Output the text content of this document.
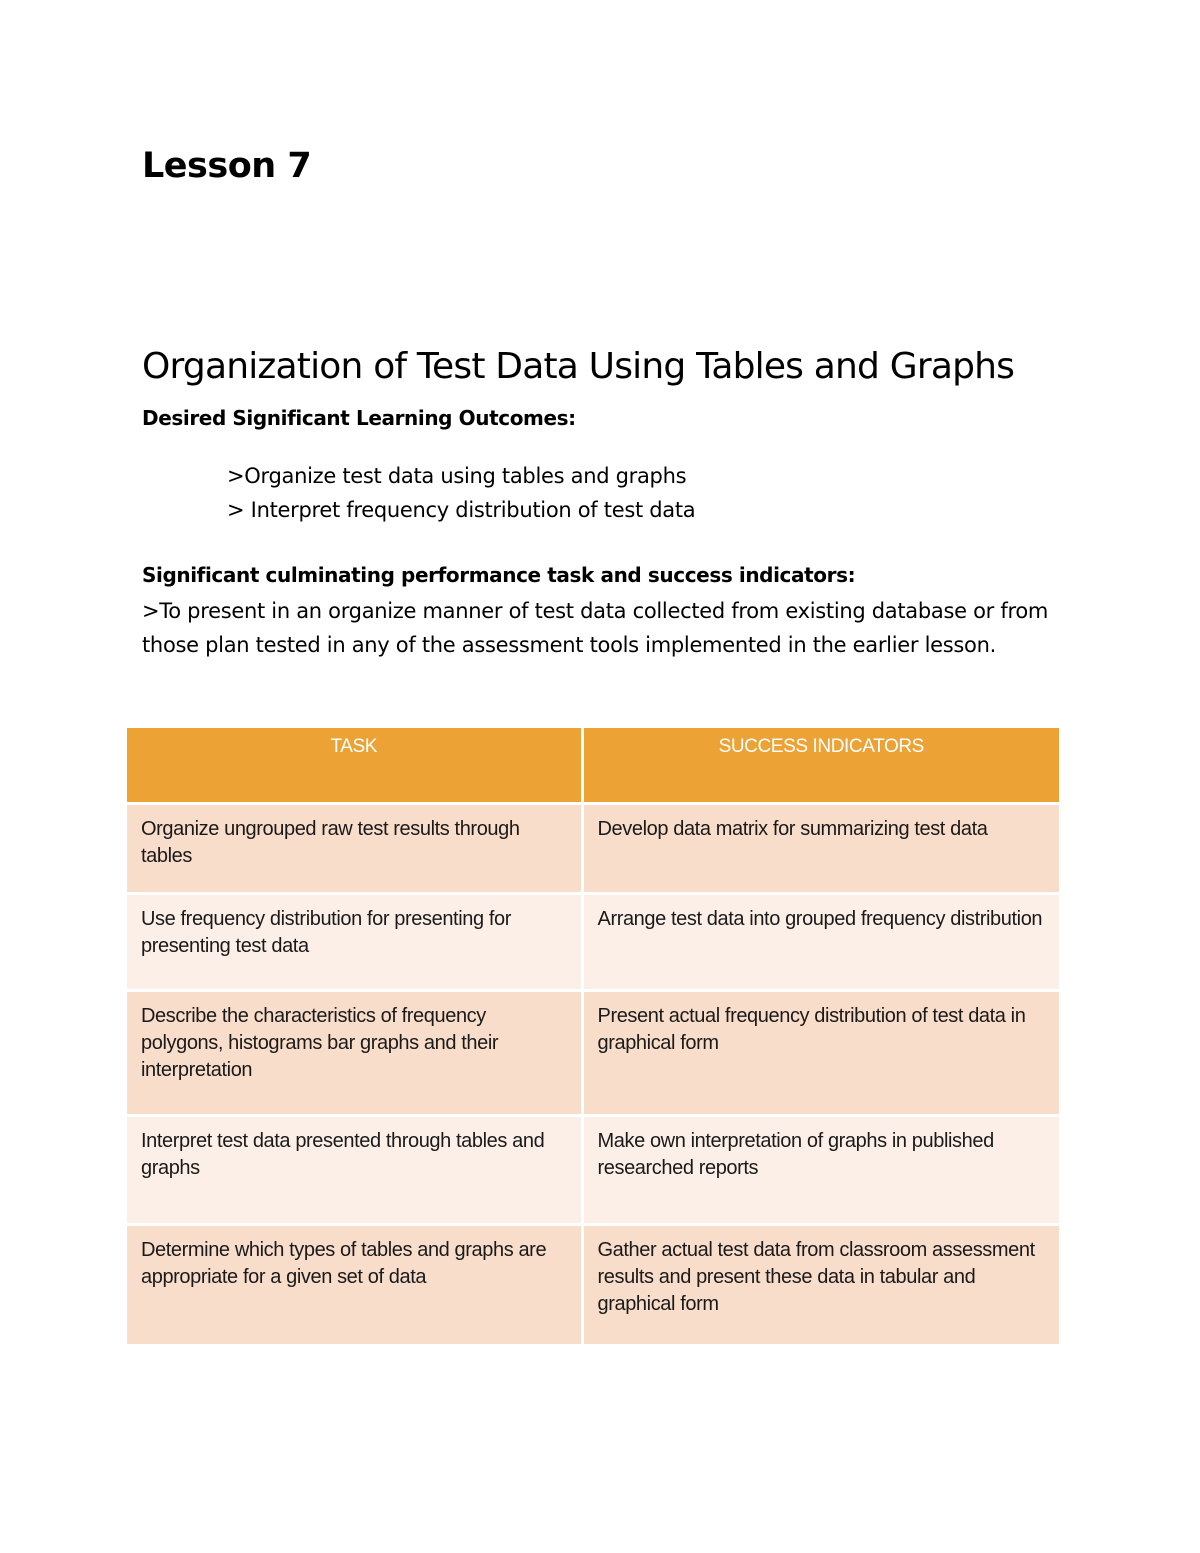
Lesson 7
Organization of Test Data Using Tables and Graphs

Desired Significant Learning Outcomes:

>Organize test data using tables and graphs
> Interpret frequency distribution of test data

Significant culminating performance task and success indicators:

>To present in an organize manner of test data collected from existing database or from those plan tested in any of the assessment tools implemented in the earlier lesson.

TASK	SUCCESS INDICATORS
Organize ungrouped raw test results through tables	Develop data matrix for summarizing test data
Use frequency distribution for presenting for presenting test data	Arrange test data into grouped frequency distribution
Describe the characteristics of frequency polygons, histograms bar graphs and their interpretation	Present actual frequency distribution of test data in graphical form
Interpret test data presented through tables and graphs	Make own interpretation of graphs in published researched reports
Determine which types of tables and graphs are appropriate for a given set of data	Gather actual test data from classroom assessment results and present these data in tabular and graphical form
